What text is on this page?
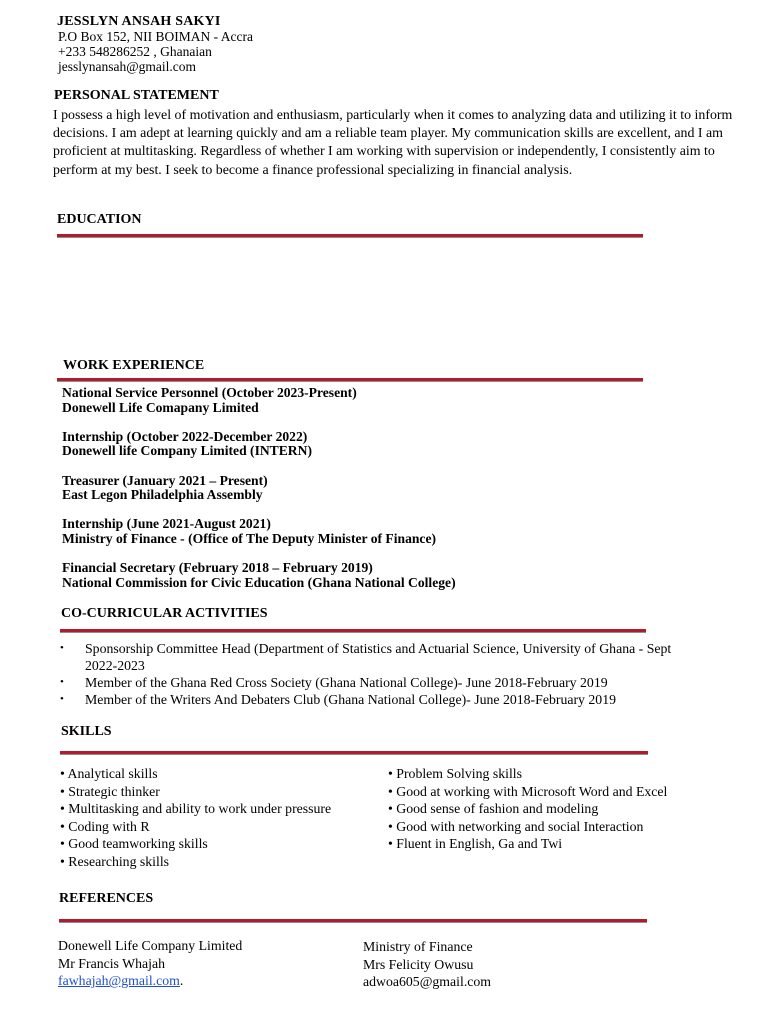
JESSLYN ANSAH SAKYI
P.O Box 152, NII BOIMAN - Accra
+233 548286252 , Ghanaian
jesslynansah@gmail.com
PERSONAL STATEMENT
I possess a high level of motivation and enthusiasm, particularly when it comes to analyzing data and utilizing it to inform decisions. I am adept at learning quickly and am a reliable team player. My communication skills are excellent, and I am proficient at multitasking. Regardless of whether I am working with supervision or independently, I consistently aim to perform at my best. I seek to become a finance professional specializing in financial analysis.
EDUCATION
WORK EXPERIENCE
National Service Personnel (October 2023-Present)
Donewell Life Comapany Limited
Internship (October 2022-December 2022)
Donewell life Company Limited (INTERN)
Treasurer (January 2021 – Present)
East Legon Philadelphia Assembly
Internship (June 2021-August 2021)
Ministry of Finance - (Office of The Deputy Minister of Finance)
Financial Secretary (February 2018 – February 2019)
National Commission for Civic Education (Ghana National College)
CO-CURRICULAR ACTIVITIES
• Sponsorship Committee Head (Department of Statistics and Actuarial Science, University of Ghana - Sept 2022-2023
• Member of the Ghana Red Cross Society (Ghana National College)- June 2018-February 2019
• Member of the Writers And Debaters Club (Ghana National College)- June 2018-February 2019
SKILLS
• Analytical skills
• Strategic thinker
• Multitasking and ability to work under pressure
• Coding with R
• Good teamworking skills
• Researching skills
• Problem Solving skills
• Good at working with Microsoft Word and Excel
• Good sense of fashion and modeling
• Good with networking and social Interaction
• Fluent in English, Ga and Twi
REFERENCES
Donewell Life Company Limited
Mr Francis Whajah
fawhajah@gmail.com.
Ministry of Finance
Mrs Felicity Owusu
adwoa605@gmail.com
